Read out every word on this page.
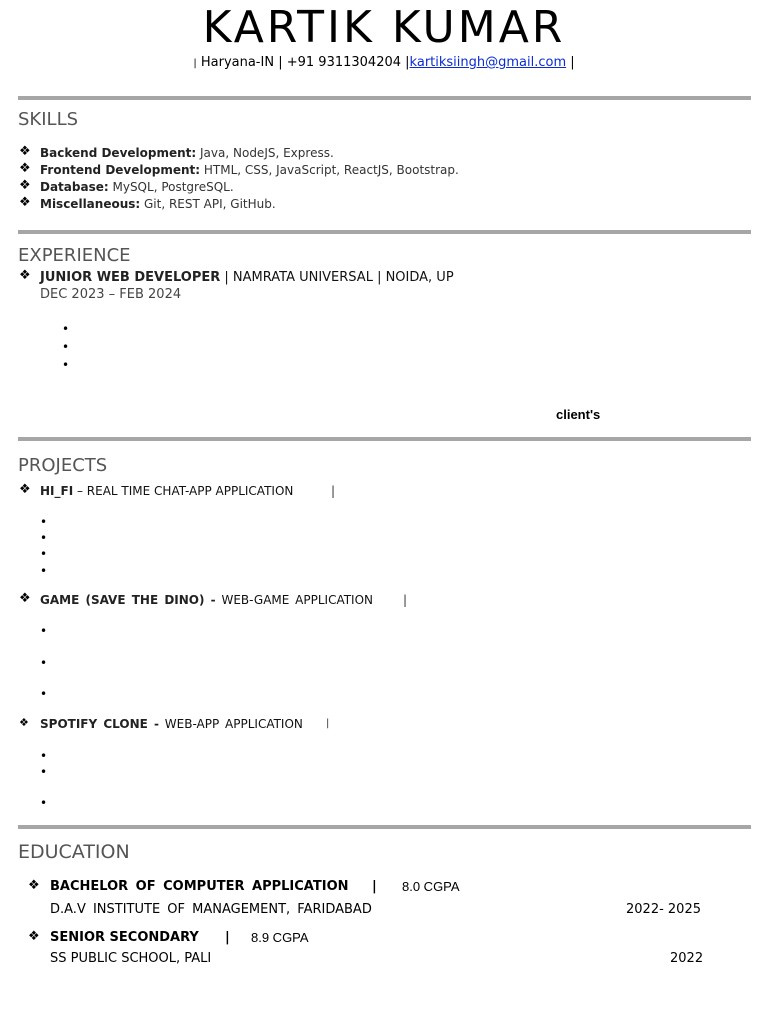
KARTIK KUMAR
| Haryana-IN | +91 9311304204 |kartiksiingh@gmail.com |
SKILLS
❖ Backend Development: Java, NodeJS, Express.
❖ Frontend Development: HTML, CSS, JavaScript, ReactJS, Bootstrap.
❖ Database: MySQL, PostgreSQL.
❖ Miscellaneous: Git, REST API, GitHub.
EXPERIENCE
❖ JUNIOR WEB DEVELOPER | NAMRATA UNIVERSAL | NOIDA, UP
DEC 2023 – FEB 2024
•
•
•
client's
PROJECTS
❖ HI_FI – REAL TIME CHAT-APP APPLICATION	|
•
•
•
•
❖ GAME (SAVE THE DINO) - WEB-GAME APPLICATION |
•
•
•
❖ SPOTIFY CLONE - WEB-APP APPLICATION |
•
•
•
EDUCATION
❖ BACHELOR OF COMPUTER APPLICATION | 8.0 CGPA
D.A.V INSTITUTE OF MANAGEMENT, FARIDABAD	2022- 2025
❖ SENIOR SECONDARY | 8.9 CGPA
SS PUBLIC SCHOOL, PALI	2022
